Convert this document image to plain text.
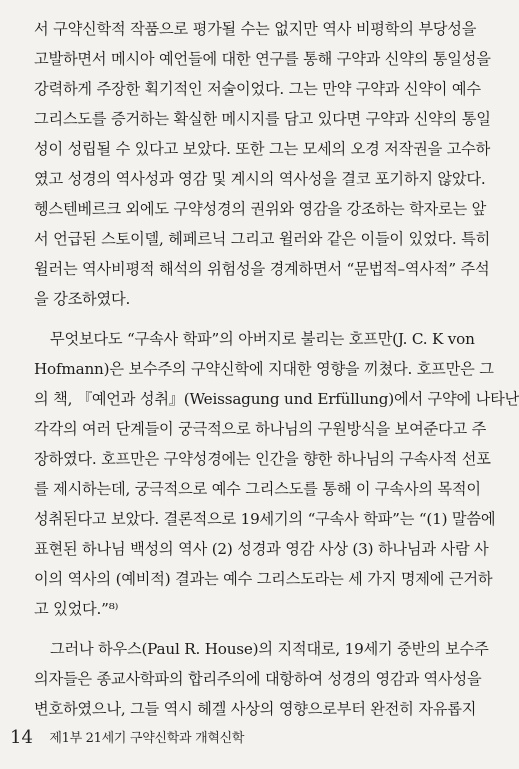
서 구약신학적 작품으로 평가될 수는 없지만 역사 비평학의 부당성을
고발하면서 메시아 예언들에 대한 연구를 통해 구약과 신약의 통일성을
강력하게 주장한 획기적인 저술이었다. 그는 만약 구약과 신약이 예수
그리스도를 증거하는 확실한 메시지를 담고 있다면 구약과 신약의 통일
성이 성립될 수 있다고 보았다. 또한 그는 모세의 오경 저작권을 고수하
였고 성경의 역사성과 영감 및 계시의 역사성을 결코 포기하지 않았다.
헹스텐베르크 외에도 구약성경의 권위와 영감을 강조하는 학자로는 앞
서 언급된 스토이델, 헤페르닉 그리고 윌러와 같은 이들이 있었다. 특히
윌러는 역사비평적 해석의 위험성을 경계하면서 “문법적–역사적” 주석
을 강조하였다.
무엇보다도 “구속사 학파”의 아버지로 불리는 호프만(J. C. K von
Hofmann)은 보수주의 구약신학에 지대한 영향을 끼쳤다. 호프만은 그
의 책, 『예언과 성취』(Weissagung und Erfüllung)에서 구약에 나타난
각각의 여러 단계들이 궁극적으로 하나님의 구원방식을 보여준다고 주
장하였다. 호프만은 구약성경에는 인간을 향한 하나님의 구속사적 선포
를 제시하는데, 궁극적으로 예수 그리스도를 통해 이 구속사의 목적이
성취된다고 보았다. 결론적으로 19세기의 “구속사 학파”는 “(1) 말씀에
표현된 하나님 백성의 역사 (2) 성경과 영감 사상 (3) 하나님과 사람 사
이의 역사의 (예비적) 결과는 예수 그리스도라는 세 가지 명제에 근거하
고 있었다.”⁸⁾
그러나 하우스(Paul R. House)의 지적대로, 19세기 중반의 보수주
의자들은 종교사학파의 합리주의에 대항하여 성경의 영감과 역사성을
변호하였으나, 그들 역시 헤겔 사상의 영향으로부터 완전히 자유롭지
14 제1부 21세기 구약신학과 개혁신학
